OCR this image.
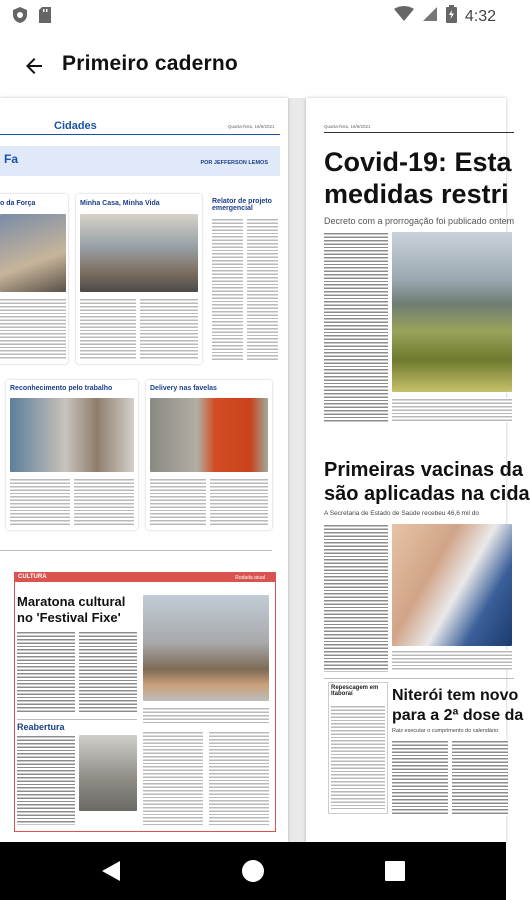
4:32
Primeiro caderno
Cidades	Quarta-feira, 16/6/2021
Fa	POR JEFFERSON LEMOS
o da Força	Minha Casa, Minha Vida	Relator de projeto emergencial
Reconhecimento pelo trabalho	Delivery nas favelas
CULTURA	Rodada atual
Maratona cultural
no 'Festival Fixe'
Reabertura
Quarta-feira, 16/6/2021
Covid-19: Esta
medidas restri
Decreto com a prorrogação foi publicado ontem
Primeiras vacinas da
são aplicadas na cida
A Secretaria de Estado de Saúde recebeu 46,6 mil do
Repescagem em Itaboraí	Niterói tem novo
para a 2ª dose da
Raiz executar o cumprimento do calendário
